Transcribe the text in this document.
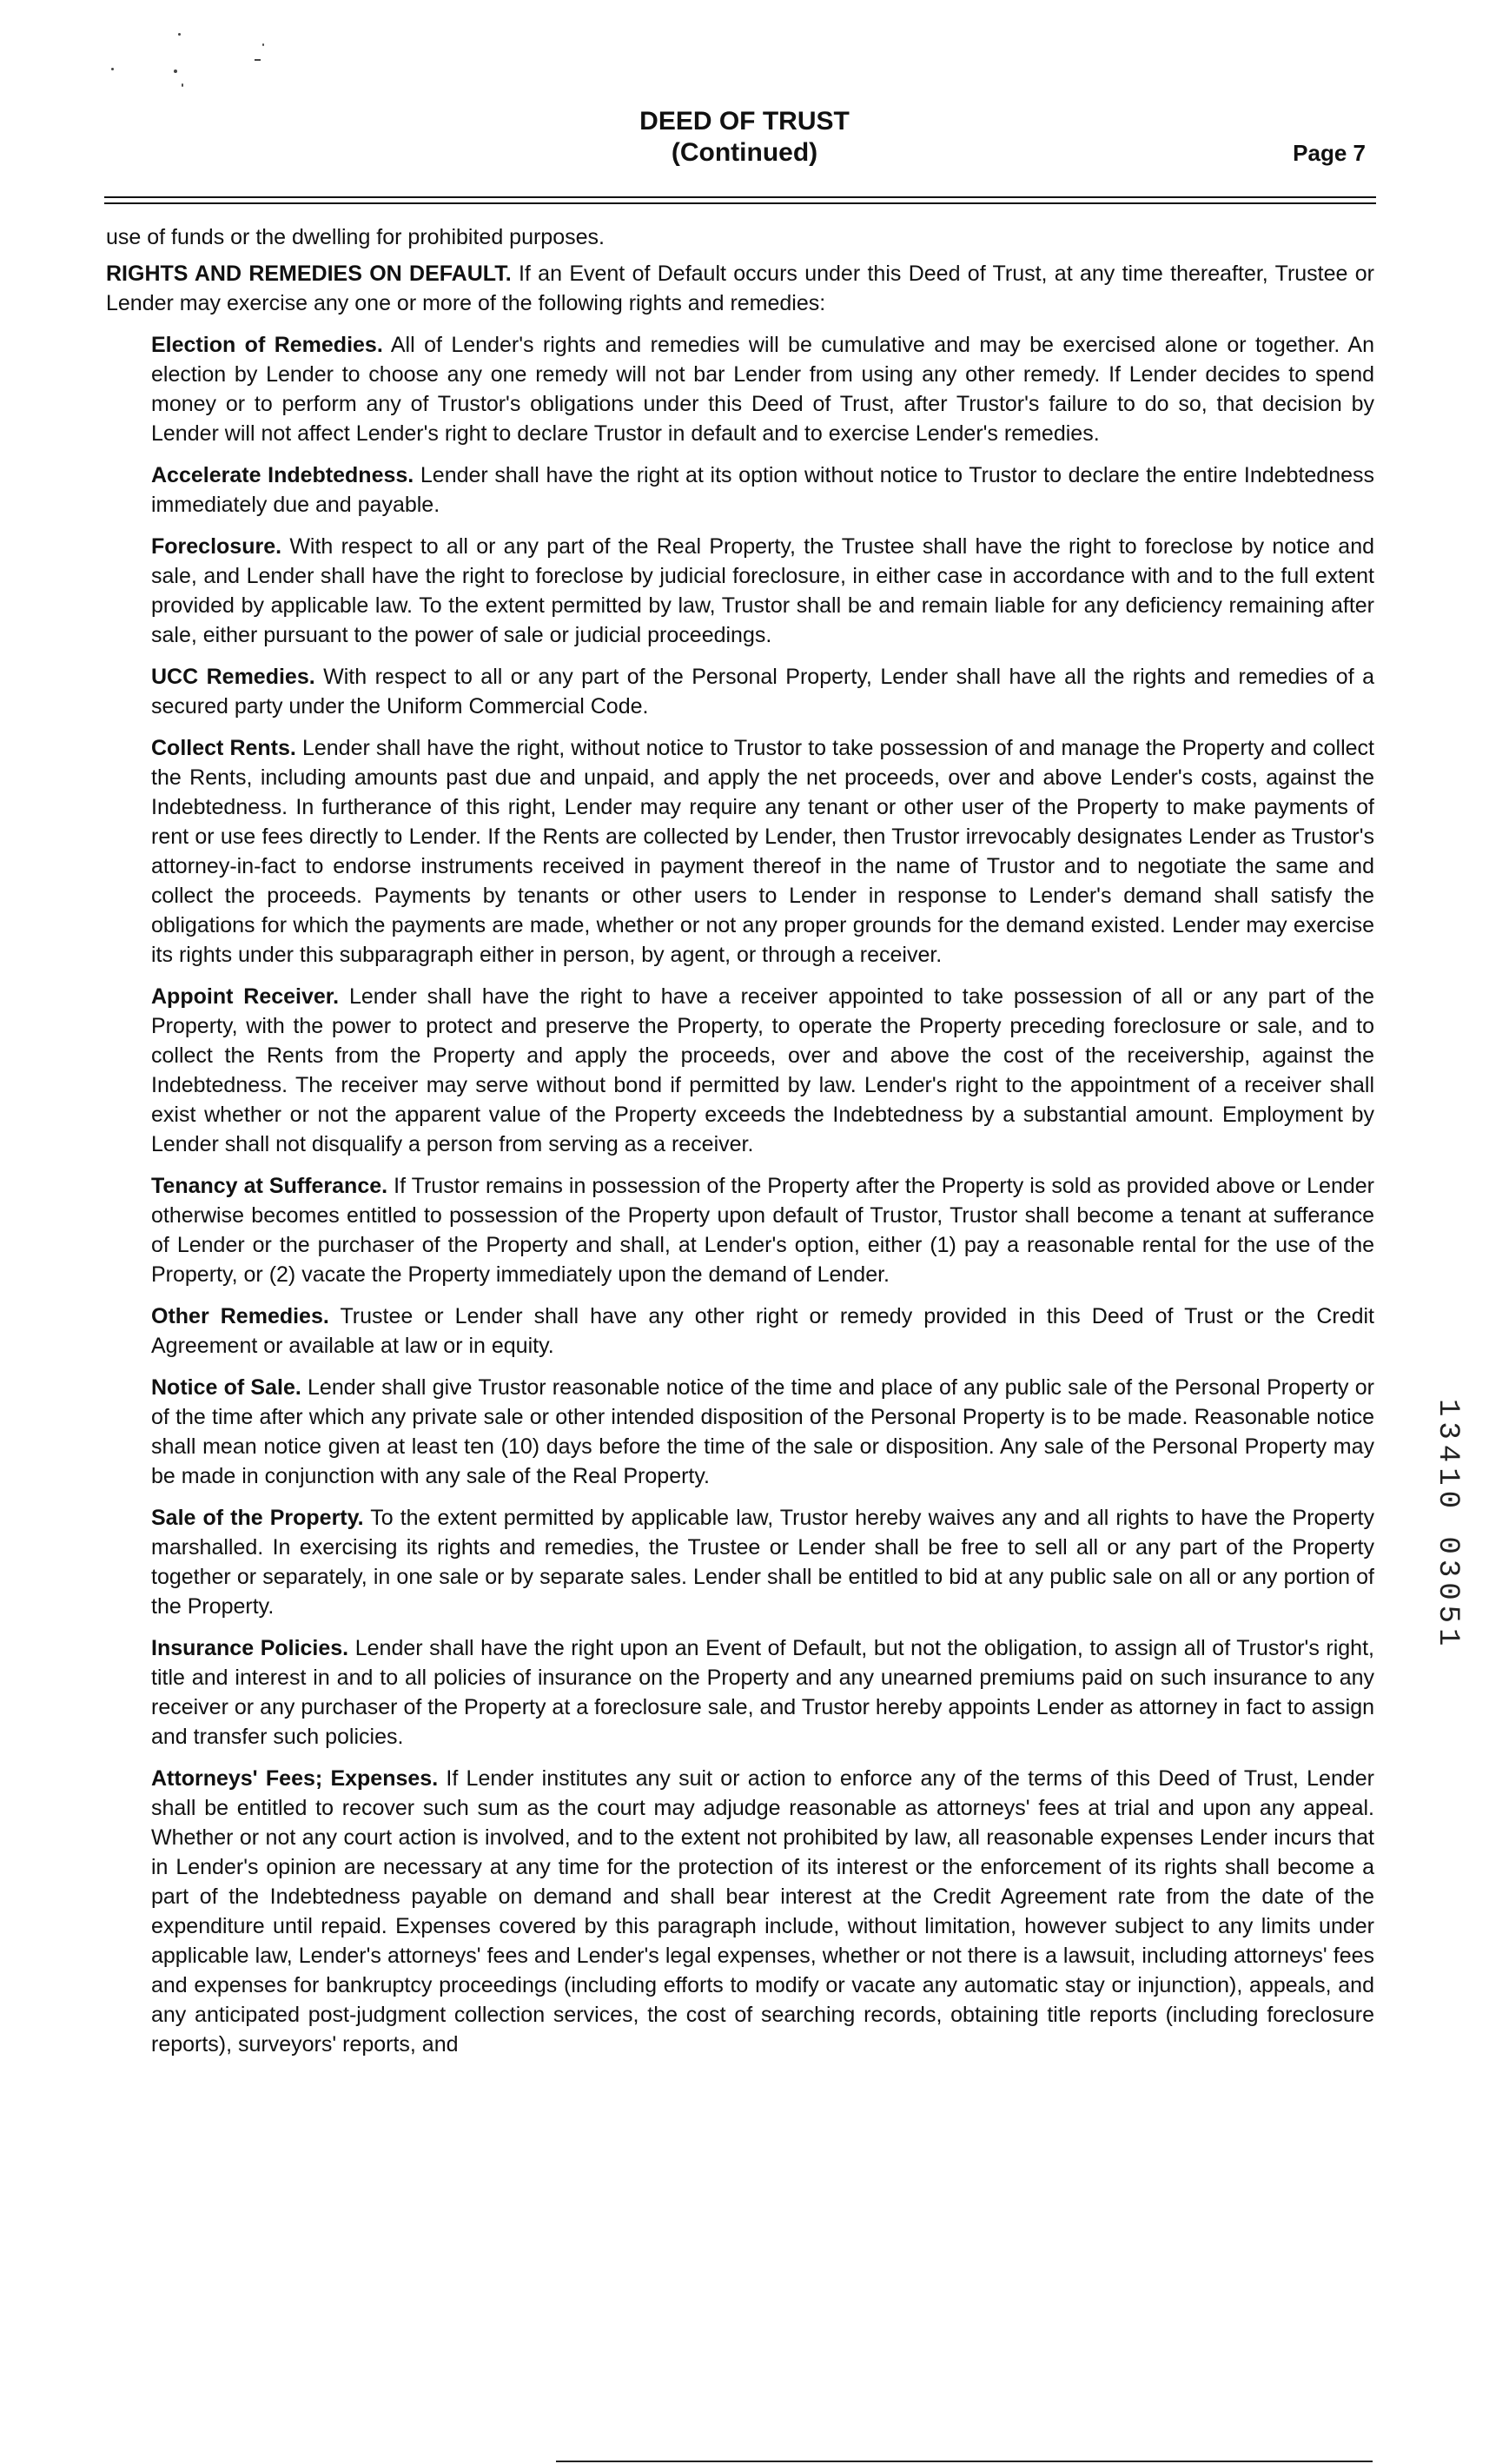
DEED OF TRUST
(Continued)	Page 7

use of funds or the dwelling for prohibited purposes.

RIGHTS AND REMEDIES ON DEFAULT. If an Event of Default occurs under this Deed of Trust, at any time thereafter, Trustee or Lender may exercise any one or more of the following rights and remedies:

Election of Remedies. All of Lender's rights and remedies will be cumulative and may be exercised alone or together. An election by Lender to choose any one remedy will not bar Lender from using any other remedy. If Lender decides to spend money or to perform any of Trustor's obligations under this Deed of Trust, after Trustor's failure to do so, that decision by Lender will not affect Lender's right to declare Trustor in default and to exercise Lender's remedies.

Accelerate Indebtedness. Lender shall have the right at its option without notice to Trustor to declare the entire Indebtedness immediately due and payable.

Foreclosure. With respect to all or any part of the Real Property, the Trustee shall have the right to foreclose by notice and sale, and Lender shall have the right to foreclose by judicial foreclosure, in either case in accordance with and to the full extent provided by applicable law. To the extent permitted by law, Trustor shall be and remain liable for any deficiency remaining after sale, either pursuant to the power of sale or judicial proceedings.

UCC Remedies. With respect to all or any part of the Personal Property, Lender shall have all the rights and remedies of a secured party under the Uniform Commercial Code.

Collect Rents. Lender shall have the right, without notice to Trustor to take possession of and manage the Property and collect the Rents, including amounts past due and unpaid, and apply the net proceeds, over and above Lender's costs, against the Indebtedness. In furtherance of this right, Lender may require any tenant or other user of the Property to make payments of rent or use fees directly to Lender. If the Rents are collected by Lender, then Trustor irrevocably designates Lender as Trustor's attorney-in-fact to endorse instruments received in payment thereof in the name of Trustor and to negotiate the same and collect the proceeds. Payments by tenants or other users to Lender in response to Lender's demand shall satisfy the obligations for which the payments are made, whether or not any proper grounds for the demand existed. Lender may exercise its rights under this subparagraph either in person, by agent, or through a receiver.

Appoint Receiver. Lender shall have the right to have a receiver appointed to take possession of all or any part of the Property, with the power to protect and preserve the Property, to operate the Property preceding foreclosure or sale, and to collect the Rents from the Property and apply the proceeds, over and above the cost of the receivership, against the Indebtedness. The receiver may serve without bond if permitted by law. Lender's right to the appointment of a receiver shall exist whether or not the apparent value of the Property exceeds the Indebtedness by a substantial amount. Employment by Lender shall not disqualify a person from serving as a receiver.

Tenancy at Sufferance. If Trustor remains in possession of the Property after the Property is sold as provided above or Lender otherwise becomes entitled to possession of the Property upon default of Trustor, Trustor shall become a tenant at sufferance of Lender or the purchaser of the Property and shall, at Lender's option, either (1) pay a reasonable rental for the use of the Property, or (2) vacate the Property immediately upon the demand of Lender.

Other Remedies. Trustee or Lender shall have any other right or remedy provided in this Deed of Trust or the Credit Agreement or available at law or in equity.

Notice of Sale. Lender shall give Trustor reasonable notice of the time and place of any public sale of the Personal Property or of the time after which any private sale or other intended disposition of the Personal Property is to be made. Reasonable notice shall mean notice given at least ten (10) days before the time of the sale or disposition. Any sale of the Personal Property may be made in conjunction with any sale of the Real Property.

Sale of the Property. To the extent permitted by applicable law, Trustor hereby waives any and all rights to have the Property marshalled. In exercising its rights and remedies, the Trustee or Lender shall be free to sell all or any part of the Property together or separately, in one sale or by separate sales. Lender shall be entitled to bid at any public sale on all or any portion of the Property.

Insurance Policies. Lender shall have the right upon an Event of Default, but not the obligation, to assign all of Trustor's right, title and interest in and to all policies of insurance on the Property and any unearned premiums paid on such insurance to any receiver or any purchaser of the Property at a foreclosure sale, and Trustor hereby appoints Lender as attorney in fact to assign and transfer such policies.

Attorneys' Fees; Expenses. If Lender institutes any suit or action to enforce any of the terms of this Deed of Trust, Lender shall be entitled to recover such sum as the court may adjudge reasonable as attorneys' fees at trial and upon any appeal. Whether or not any court action is involved, and to the extent not prohibited by law, all reasonable expenses Lender incurs that in Lender's opinion are necessary at any time for the protection of its interest or the enforcement of its rights shall become a part of the Indebtedness payable on demand and shall bear interest at the Credit Agreement rate from the date of the expenditure until repaid. Expenses covered by this paragraph include, without limitation, however subject to any limits under applicable law, Lender's attorneys' fees and Lender's legal expenses, whether or not there is a lawsuit, including attorneys' fees and expenses for bankruptcy proceedings (including efforts to modify or vacate any automatic stay or injunction), appeals, and any anticipated post-judgment collection services, the cost of searching records, obtaining title reports (including foreclosure reports), surveyors' reports, and

13410 03051
